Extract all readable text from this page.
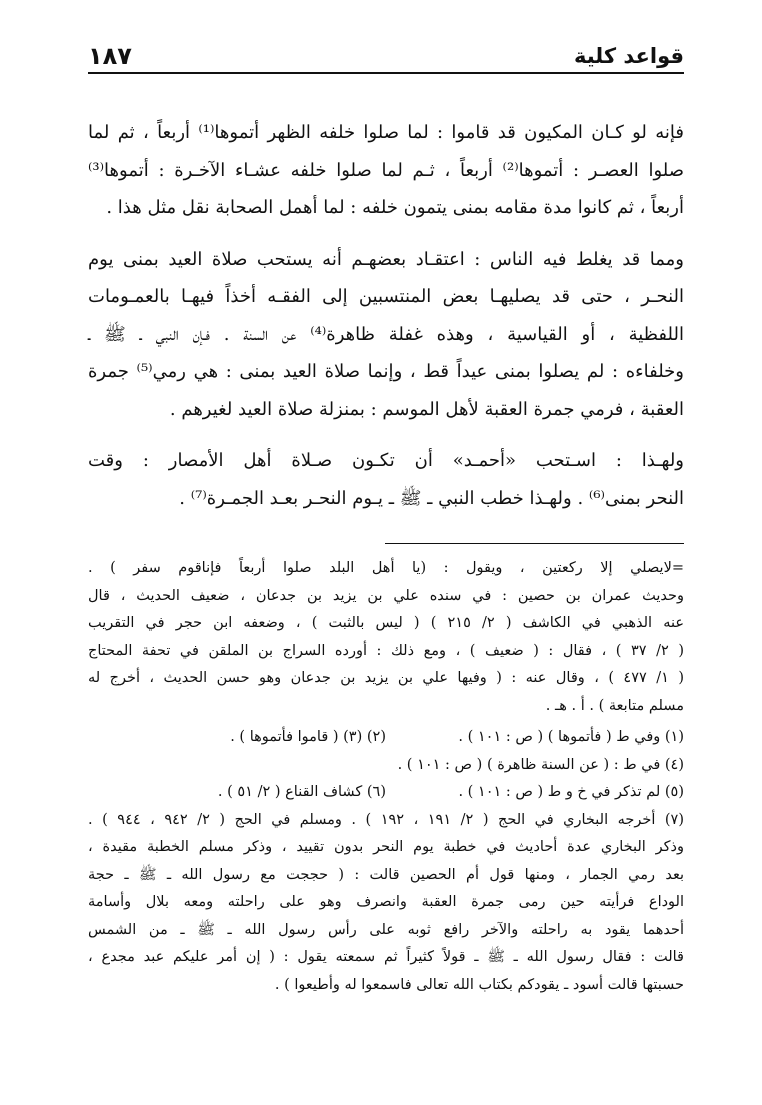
قواعد كلية
١٨٧

فإنه لو كـان المكيون قد قاموا : لما صلوا خلفه الظهر أتموها⁽¹⁾ أربعاً ، ثم لما
صلوا العصـر : أتموها⁽²⁾ أربعاً ، ثـم لما صلوا خلفه عشـاء الآخـرة : أتموها⁽³⁾
أربعاً ، ثم كانوا مدة مقامه بمنى يتمون خلفه : لما أهمل الصحابة نقل مثل هذا .

ومما قد يغلط فيه الناس : اعتقـاد بعضهـم أنه يستحب صلاة العيد بمنى يوم
النحـر ، حتى قد يصليهـا بعض المنتسبين إلى الفقـه أخذاً فيهـا بالعمـومات
اللفظية ، أو القياسية ، وهذه غفلة ظاهرة⁽⁴⁾ عن السنة . فـإن النبي ـ ﷺ ـ
وخلفاءه : لم يصلوا بمنى عيداً قط ، وإنما صلاة العيد بمنى : هي رمي⁽⁵⁾ جمرة
العقبة ، فرمي جمرة العقبة لأهل الموسم : بمنزلة صلاة العيد لغيرهم .

ولهـذا : اسـتحب «أحمـد» أن تكـون صـلاة أهل الأمصار : وقت
النحر بمنى⁽⁶⁾ . ولهـذا خطب النبي ـ ﷺ ـ يـوم النحـر بعـد الجمـرة⁽⁷⁾ .

=لايصلي إلا ركعتين ، ويقول : (يا أهل البلد صلوا أربعاً فإناقوم سفر ) .
وحديث عمران بن حصين : في سنده علي بن يزيد بن جدعان ، ضعيف الحديث ، قال
عنه الذهبي في الكاشف ( ٢/ ٢١٥ ) ( ليس بالثبت ) ، وضعفه ابن حجر في التقريب
( ٢/ ٣٧ ) ، فقال : ( ضعيف ) ، ومع ذلك : أورده السراج بن الملقن في تحفة المحتاج
( ١/ ٤٧٧ ) ، وقال عنه : ( وفيها علي بن يزيد بن جدعان وهو حسن الحديث ، أخرج له
مسلم متابعة ) . أ . هـ .
(١) وفي ط ( فأتموها ) ( ص : ١٠١ ) .
(٢) (٣) ( قاموا فأتموها ) .
(٤) في ط : ( عن السنة ظاهرة ) ( ص : ١٠١ ) .
(٥) لم تذكر في خ و ط ( ص : ١٠١ ) .
(٦) كشاف القناع ( ٢/ ٥١ ) .
(٧) أخرجه البخاري في الحج ( ٢/ ١٩١ ، ١٩٢ ) . ومسلم في الحج ( ٢/ ٩٤٢ ، ٩٤٤ ) .
وذكر البخاري عدة أحاديث في خطبة يوم النحر بدون تقييد ، وذكر مسلم الخطبة مقيدة ،
بعد رمي الجمار ، ومنها قول أم الحصين قالت : ( حججت مع رسول الله ـ ﷺ ـ حجة
الوداع فرأيته حين رمى جمرة العقبة وانصرف وهو على راحلته ومعه بلال وأسامة
أحدهما يقود به راحلته والآخر رافع ثوبه على رأس رسول الله ـ ﷺ ـ من الشمس
قالت : فقال رسول الله ـ ﷺ ـ قولاً كثيراً ثم سمعته يقول : ( إن أمر عليكم عبد مجدع ،
حسبتها قالت أسود ـ يقودكم بكتاب الله تعالى فاسمعوا له وأطيعوا ) .
